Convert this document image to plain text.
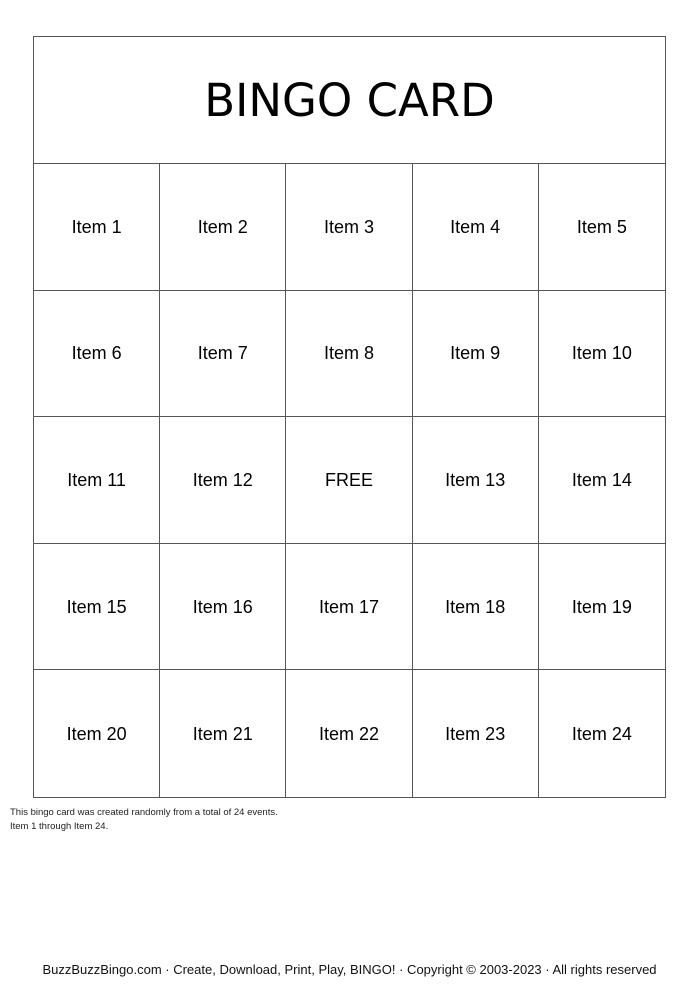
BINGO CARD
Item 1	Item 2	Item 3	Item 4	Item 5
Item 6	Item 7	Item 8	Item 9	Item 10
Item 11	Item 12	FREE	Item 13	Item 14
Item 15	Item 16	Item 17	Item 18	Item 19
Item 20	Item 21	Item 22	Item 23	Item 24
This bingo card was created randomly from a total of 24 events.
Item 1 through Item 24.
BuzzBuzzBingo.com · Create, Download, Print, Play, BINGO! · Copyright © 2003-2023 · All rights reserved
